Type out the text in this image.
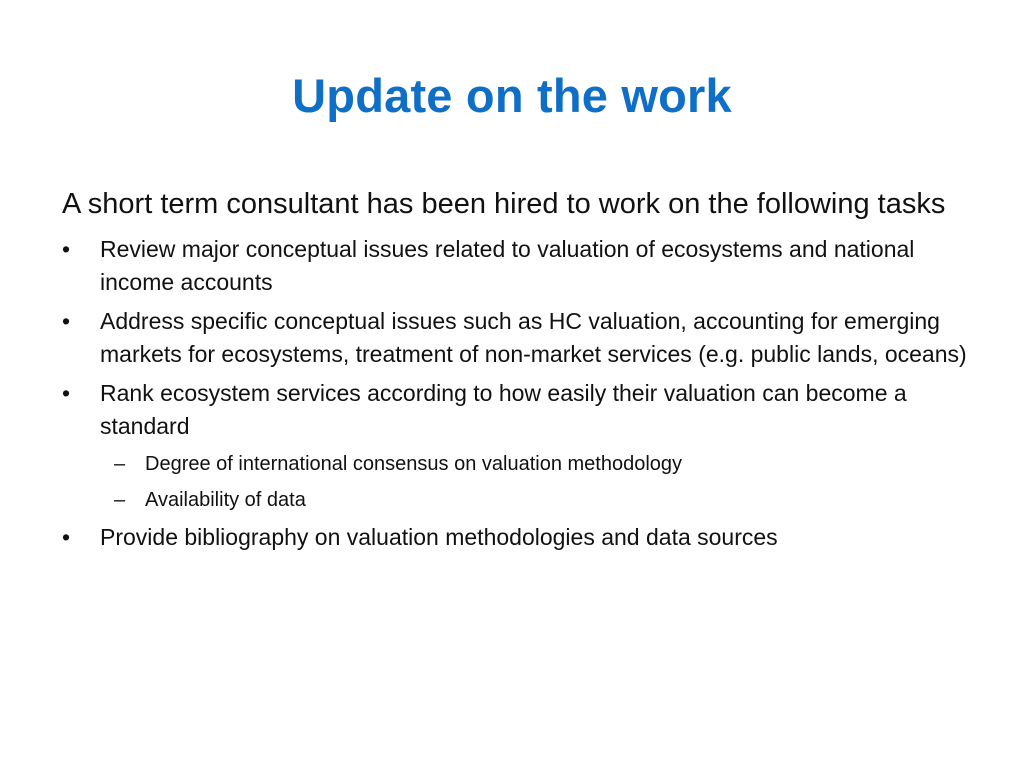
Update on the work

A short term consultant has been hired to work on the following tasks

•	Review major conceptual issues related to valuation of ecosystems and national income accounts
•	Address specific conceptual issues such as HC valuation, accounting for emerging markets for ecosystems, treatment of non-market services (e.g. public lands, oceans)
•	Rank ecosystem services according to how easily their valuation can become a standard
– Degree of international consensus on valuation methodology
– Availability of data
•	Provide bibliography on valuation methodologies and data sources
